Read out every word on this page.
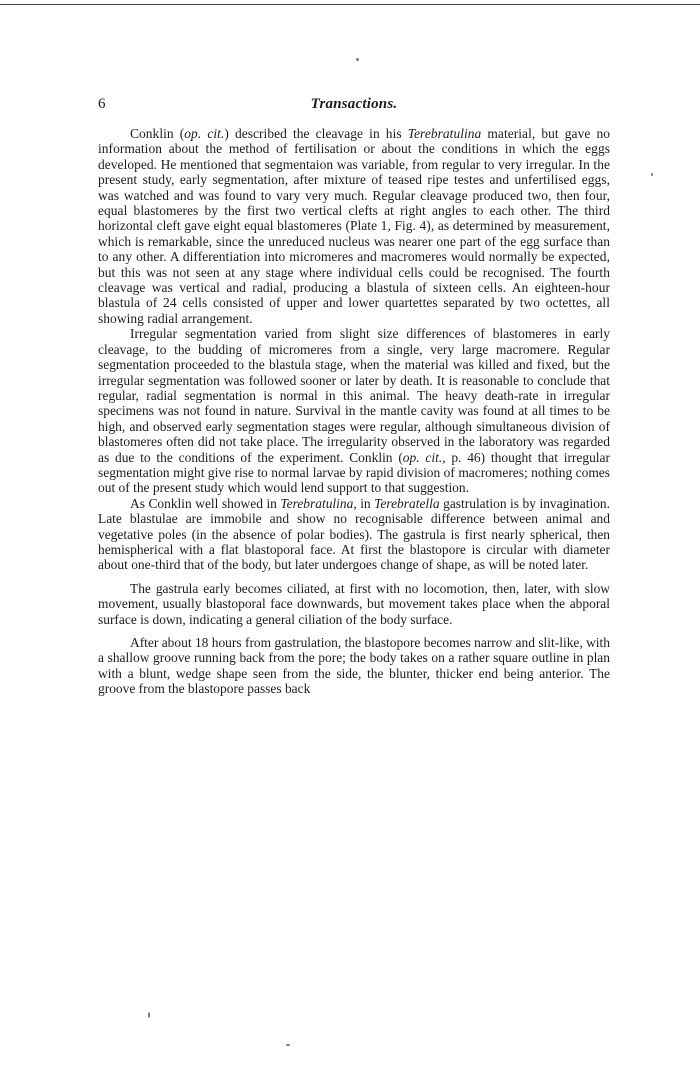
6	Transactions.

Conklin (op. cit.) described the cleavage in his Terebratulina material, but gave no information about the method of fertilisation or about the conditions in which the eggs developed. He mentioned that segmentaion was variable, from regular to very irregular. In the present study, early segmentation, after mixture of teased ripe testes and unfertilised eggs, was watched and was found to vary very much. Regular cleavage produced two, then four, equal blastomeres by the first two vertical clefts at right angles to each other. The third horizontal cleft gave eight equal blastomeres (Plate 1, Fig. 4), as determined by measurement, which is remarkable, since the unreduced nucleus was nearer one part of the egg surface than to any other. A differentiation into micromeres and macromeres would normally be expected, but this was not seen at any stage where individual cells could be recognised. The fourth cleavage was vertical and radial, producing a blastula of sixteen cells. An eighteen-hour blastula of 24 cells consisted of upper and lower quartettes separated by two octettes, all showing radial arrangement.

Irregular segmentation varied from slight size differences of blastomeres in early cleavage, to the budding of micromeres from a single, very large macromere. Regular segmentation proceeded to the blastula stage, when the material was killed and fixed, but the irregular segmentation was followed sooner or later by death. It is reasonable to conclude that regular, radial segmentation is normal in this animal. The heavy death-rate in irregular specimens was not found in nature. Survival in the mantle cavity was found at all times to be high, and observed early segmentation stages were regular, although simultaneous division of blastomeres often did not take place. The irregularity observed in the laboratory was regarded as due to the conditions of the experiment. Conklin (op. cit., p. 46) thought that irregular segmentation might give rise to normal larvae by rapid division of macromeres; nothing comes out of the present study which would lend support to that suggestion.

As Conklin well showed in Terebratulina, in Terebratella gastrulation is by invagination. Late blastulae are immobile and show no recognisable difference between animal and vegetative poles (in the absence of polar bodies). The gastrula is first nearly spherical, then hemispherical with a flat blastoporal face. At first the blastopore is circular with diameter about one-third that of the body, but later undergoes change of shape, as will be noted later.

The gastrula early becomes ciliated, at first with no locomotion, then, later, with slow movement, usually blastoporal face downwards, but movement takes place when the abporal surface is down, indicating a general ciliation of the body surface.

After about 18 hours from gastrulation, the blastopore becomes narrow and slit-like, with a shallow groove running back from the pore; the body takes on a rather square outline in plan with a blunt, wedge shape seen from the side, the blunter, thicker end being anterior. The groove from the blastopore passes back
